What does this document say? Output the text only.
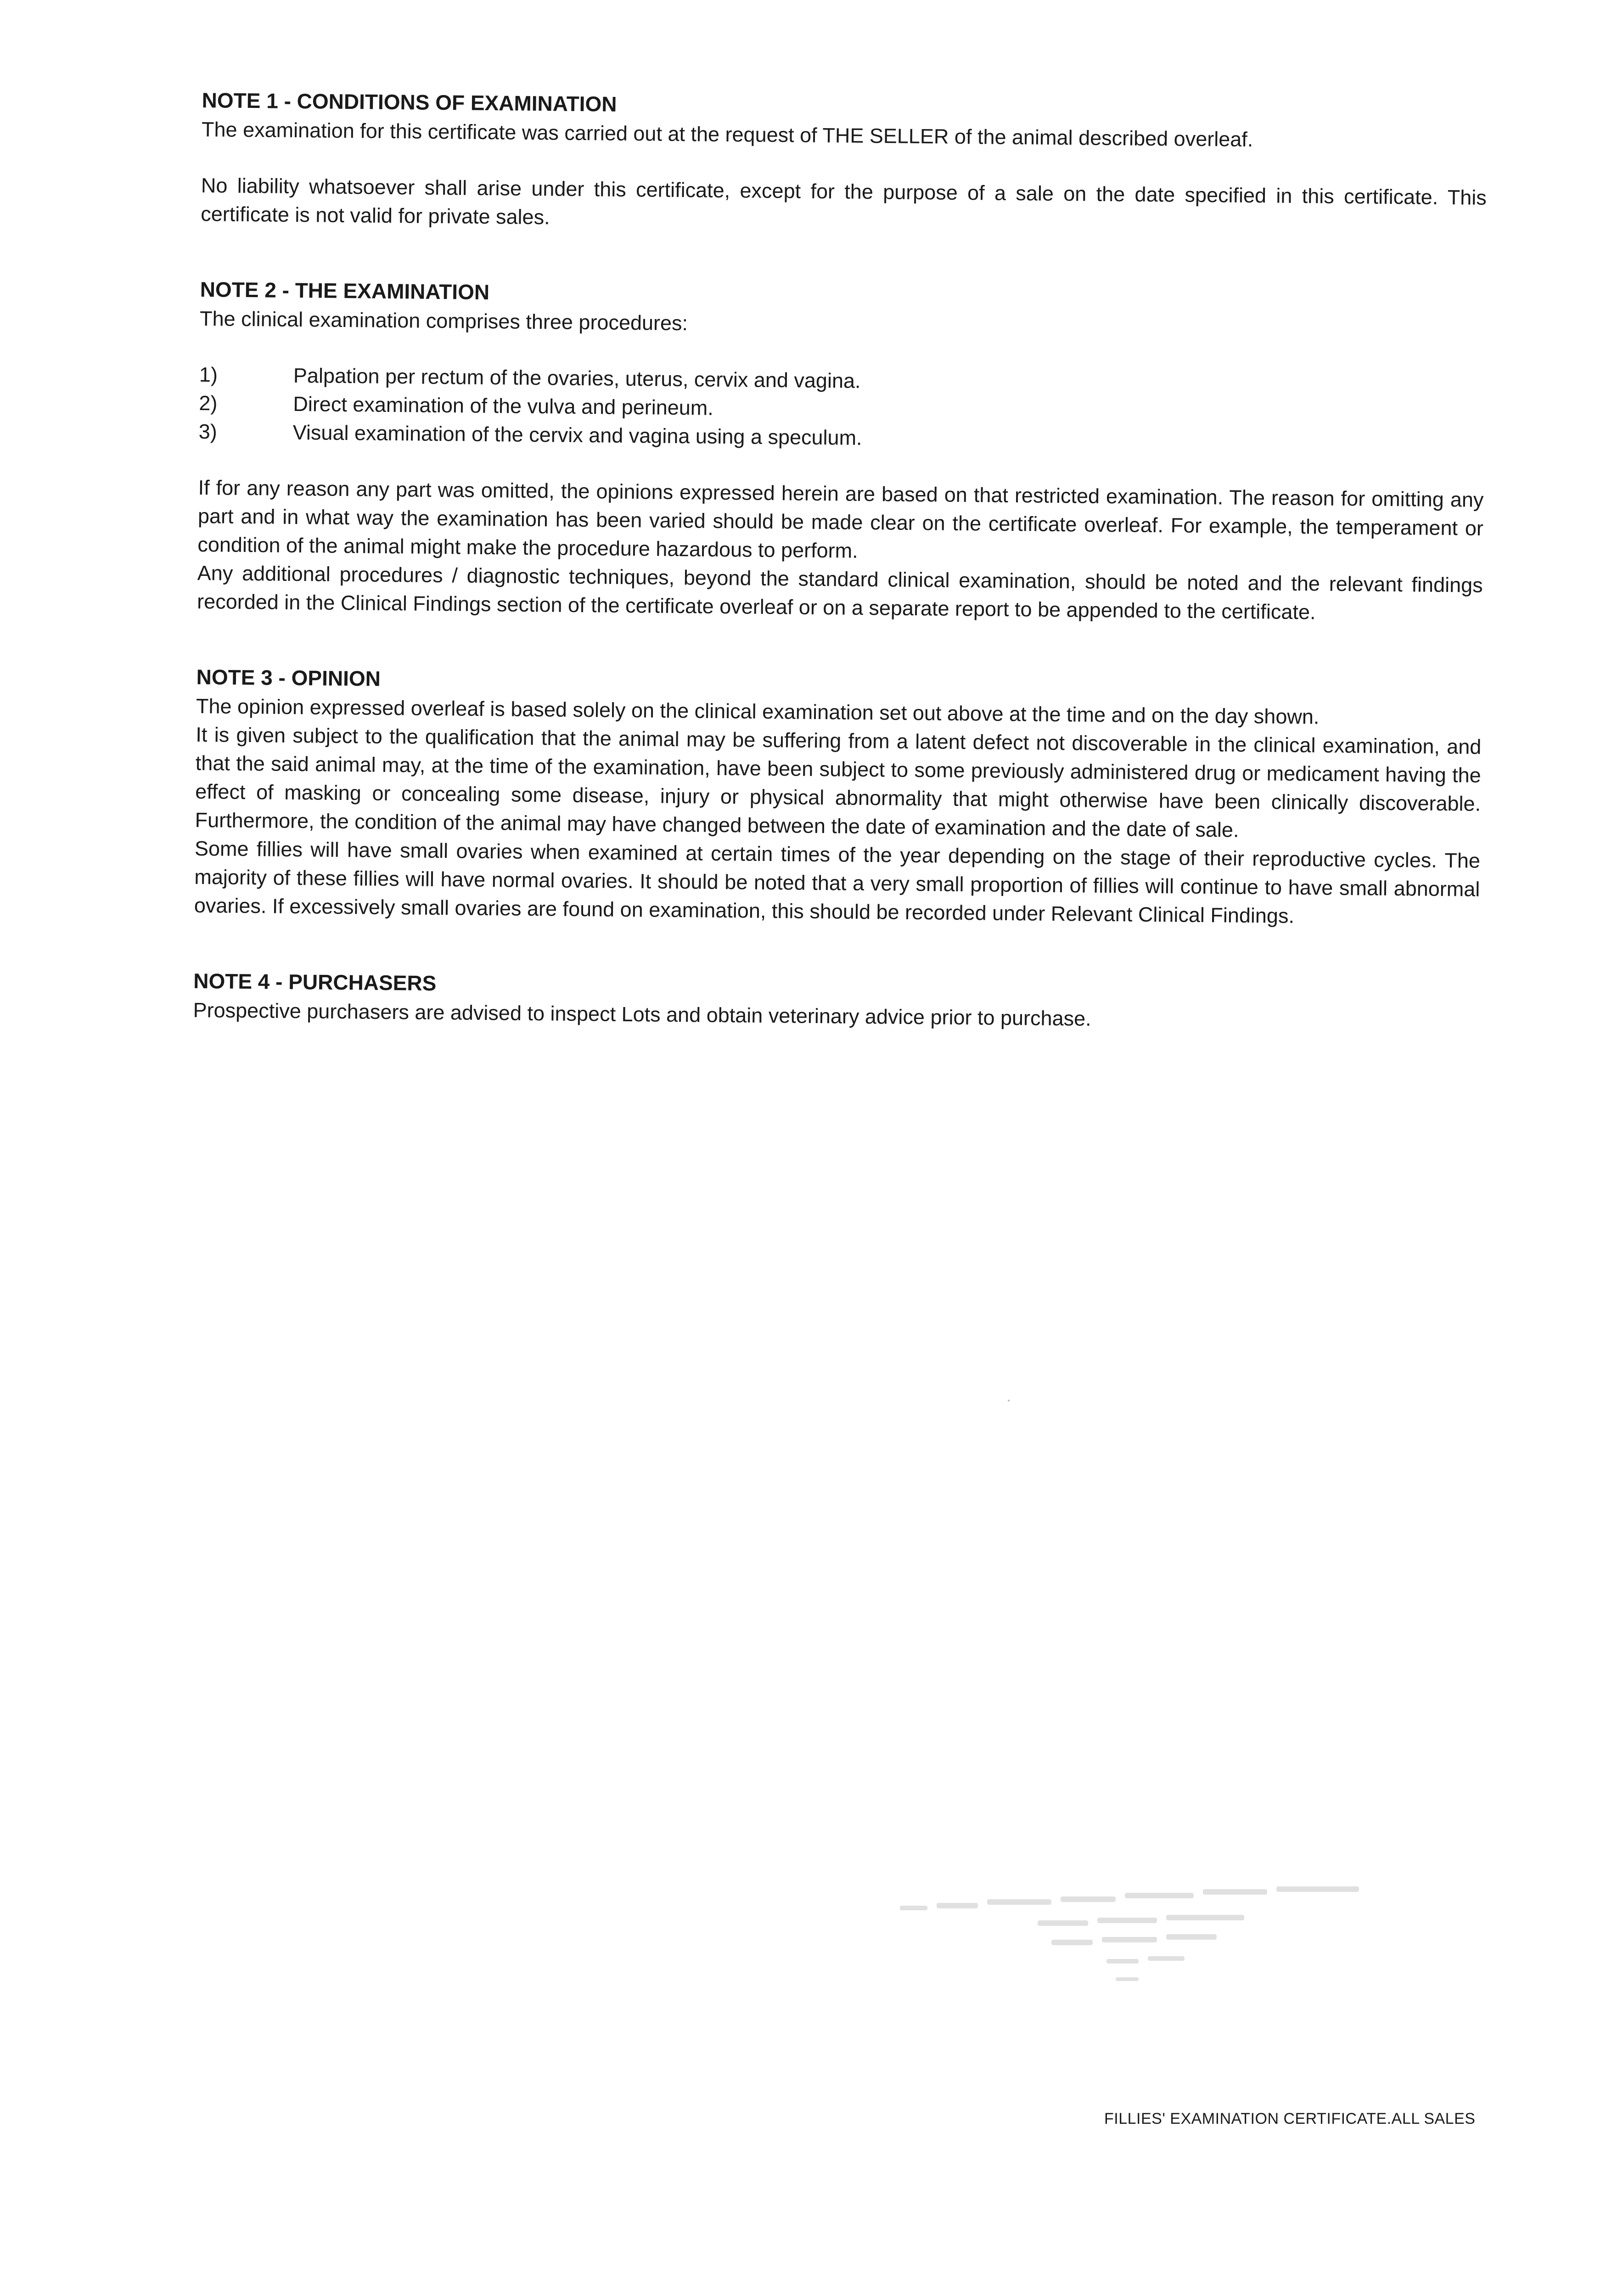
NOTE 1 - CONDITIONS OF EXAMINATION

The examination for this certificate was carried out at the request of THE SELLER of the animal described overleaf.

No liability whatsoever shall arise under this certificate, except for the purpose of a sale on the date specified in this certificate. This certificate is not valid for private sales.

NOTE 2 - THE EXAMINATION

The clinical examination comprises three procedures:

1)	Palpation per rectum of the ovaries, uterus, cervix and vagina.
2)	Direct examination of the vulva and perineum.
3)	Visual examination of the cervix and vagina using a speculum.

If for any reason any part was omitted, the opinions expressed herein are based on that restricted examination. The reason for omitting any part and in what way the examination has been varied should be made clear on the certificate overleaf. For example, the temperament or condition of the animal might make the procedure hazardous to perform.

Any additional procedures / diagnostic techniques, beyond the standard clinical examination, should be noted and the relevant findings recorded in the Clinical Findings section of the certificate overleaf or on a separate report to be appended to the certificate.

NOTE 3 - OPINION

The opinion expressed overleaf is based solely on the clinical examination set out above at the time and on the day shown.

It is given subject to the qualification that the animal may be suffering from a latent defect not discoverable in the clinical examination, and that the said animal may, at the time of the examination, have been subject to some previously administered drug or medicament having the effect of masking or concealing some disease, injury or physical abnormality that might otherwise have been clinically discoverable. Furthermore, the condition of the animal may have changed between the date of examination and the date of sale.

Some fillies will have small ovaries when examined at certain times of the year depending on the stage of their reproductive cycles. The majority of these fillies will have normal ovaries. It should be noted that a very small proportion of fillies will continue to have small abnormal ovaries. If excessively small ovaries are found on examination, this should be recorded under Relevant Clinical Findings.

NOTE 4 - PURCHASERS

Prospective purchasers are advised to inspect Lots and obtain veterinary advice prior to purchase.

FILLIES' EXAMINATION CERTIFICATE.ALL SALES
